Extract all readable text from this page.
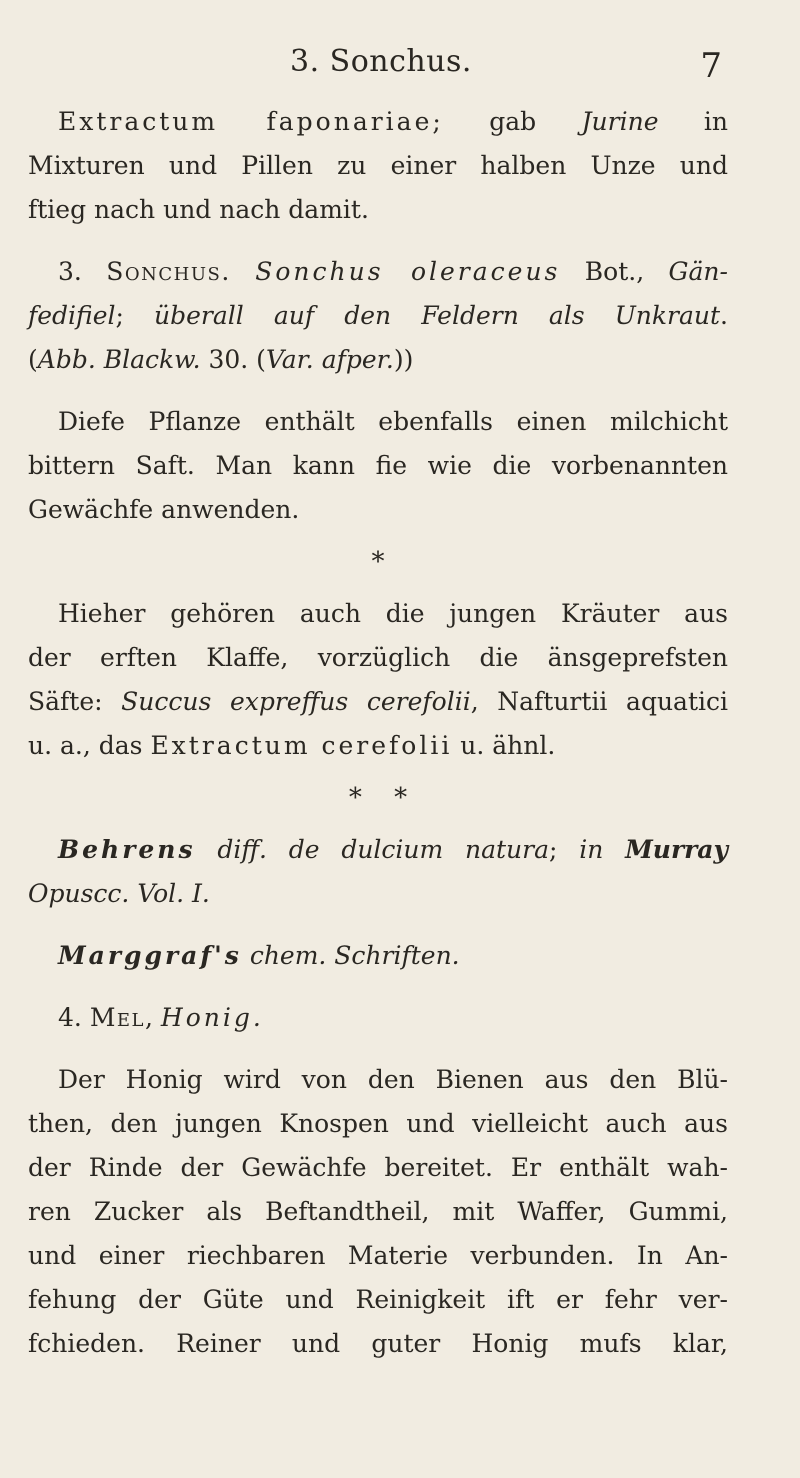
3. Sonchus.	7

Extractum faponariae; gab Jurine in

Mixturen und Pillen zu einer halben Unze und

ftieg nach und nach damit.

3. Sonchus. Sonchus oleraceus Bot., Gän-

fedifiel; überall auf den Feldern als Unkraut.

(Abb. Blackw. 30. (Var. afper.))

Diefe Pflanze enthält ebenfalls einen milchicht

bittern Saft. Man kann fie wie die vorbenannten

Gewächfe anwenden.

*

Hieher gehören auch die jungen Kräuter aus

der erften Klaffe, vorzüglich die änsgeprefsten

Säfte: Succus expreffus cerefolii, Nafturtii aquatici

u. a., das Extractum cerefolii u. ähnl.

* *

Behrens diff. de dulcium natura; in Murray

Opuscc. Vol. I.

Marggraf's chem. Schriften.

4. Mel, Honig.

Der Honig wird von den Bienen aus den Blü-

then, den jungen Knospen und vielleicht auch aus

der Rinde der Gewächfe bereitet. Er enthält wah-

ren Zucker als Beftandtheil, mit Waffer, Gummi,

und einer riechbaren Materie verbunden. In An-

fehung der Güte und Reinigkeit ift er fehr ver-

fchieden. Reiner und guter Honig mufs klar,
